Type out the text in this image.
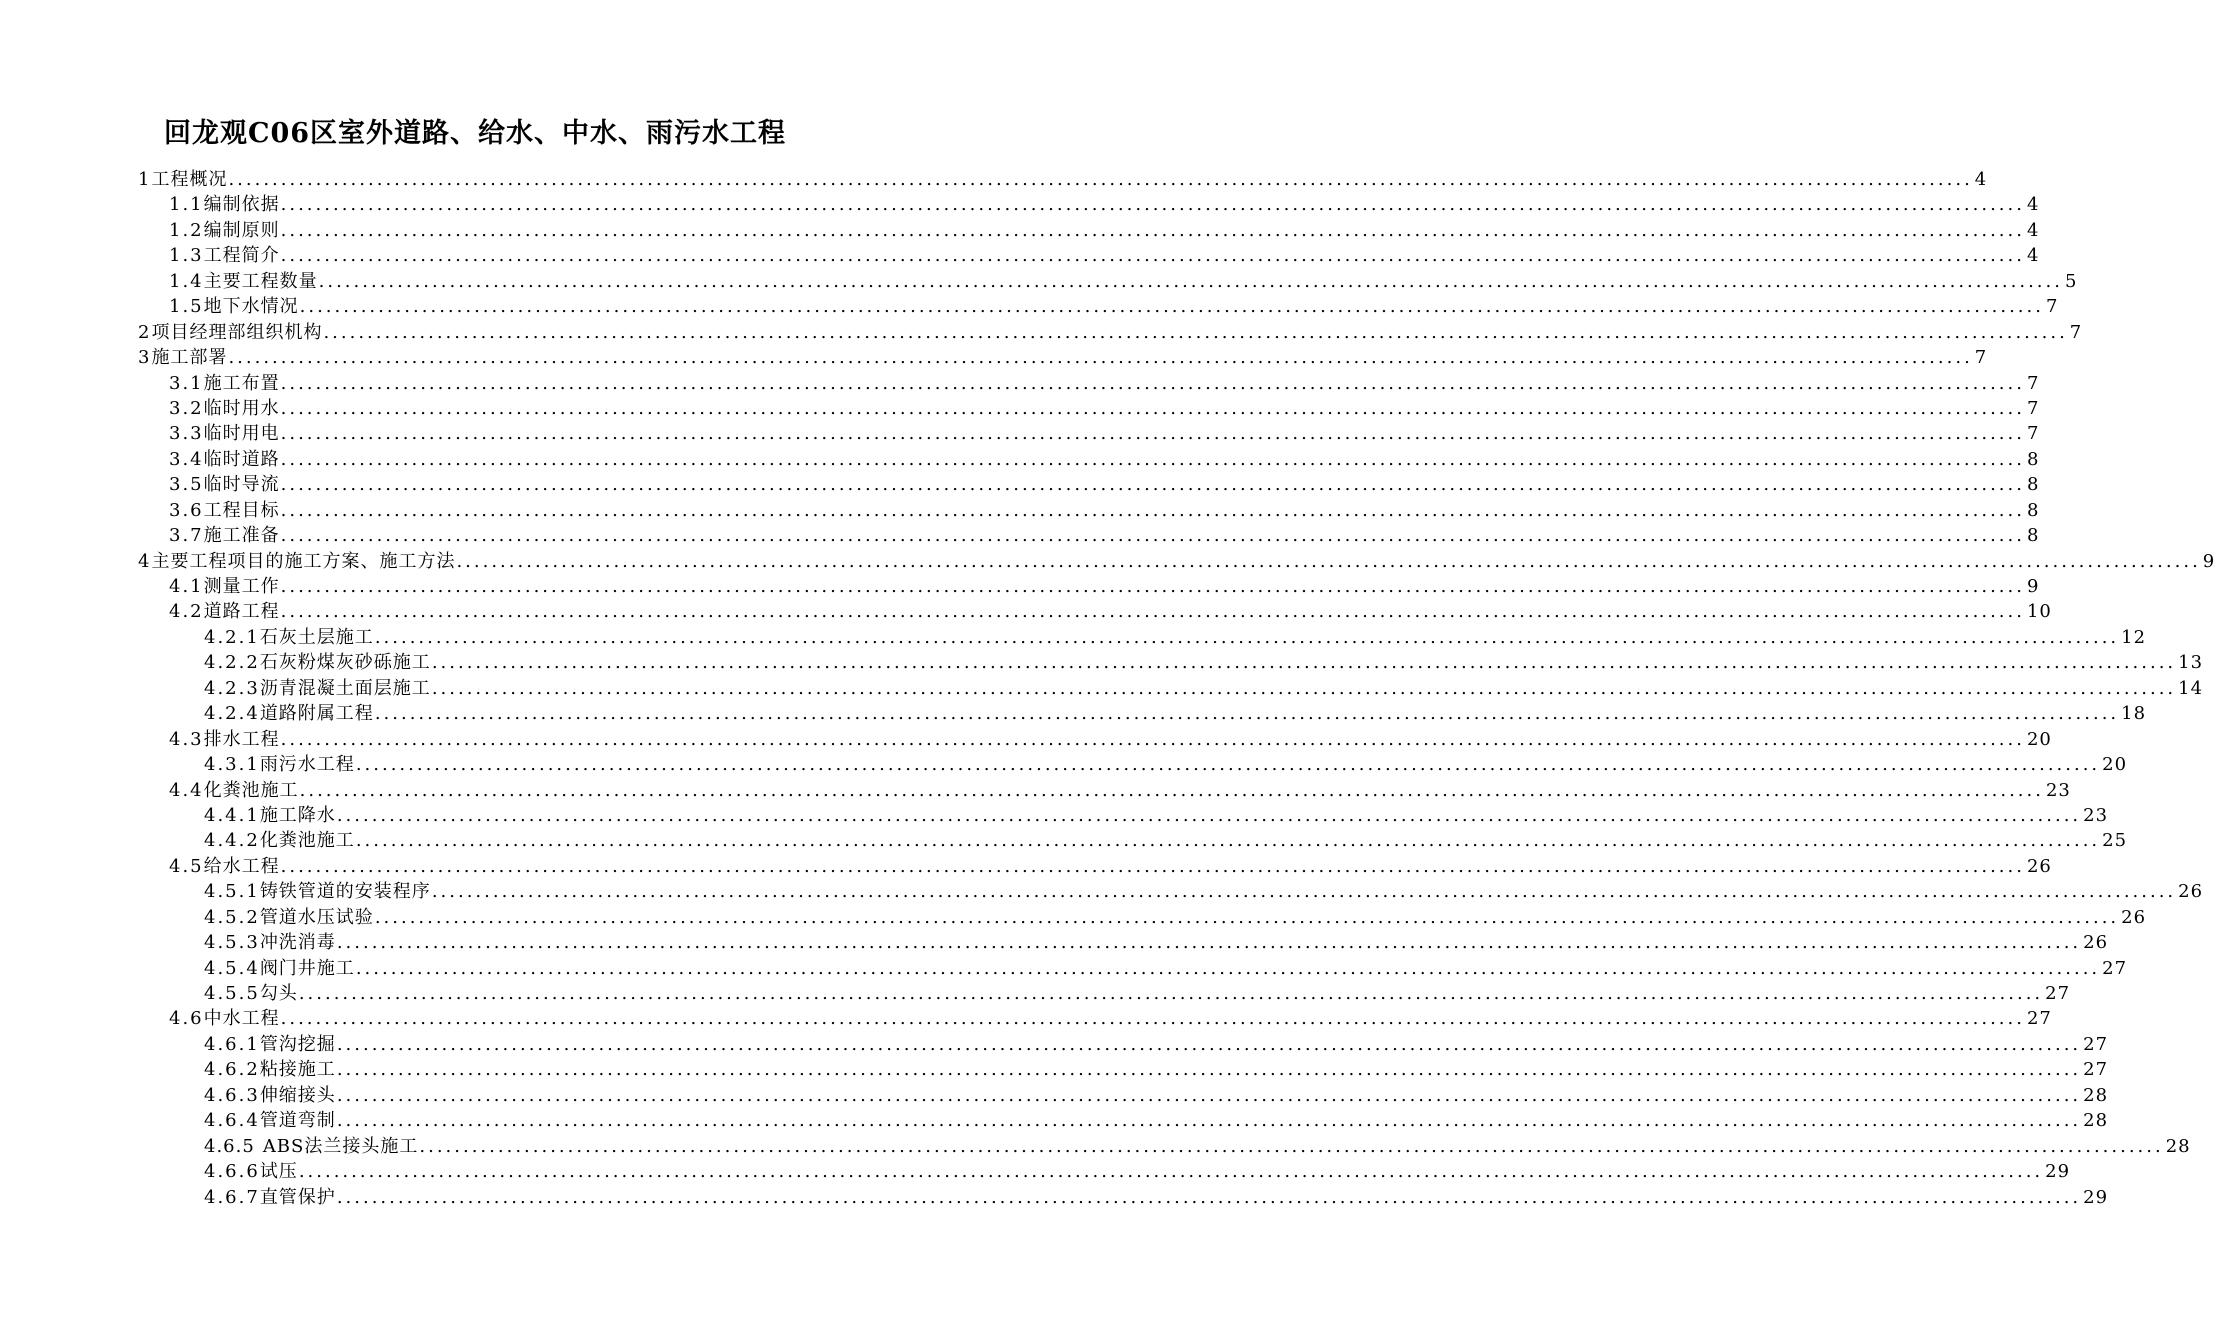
回龙观C06区室外道路、给水、中水、雨污水工程
1 工程概况 ........................................................................................................................................................................................................ 4
1.1 编制依据 ........................................................................................................................................................................................................ 4
1.2 编制原则 ........................................................................................................................................................................................................ 4
1.3 工程简介 ........................................................................................................................................................................................................ 4
1.4 主要工程数量 ........................................................................................................................................................................................................ 5
1.5 地下水情况 ........................................................................................................................................................................................................ 7
2 项目经理部组织机构 ........................................................................................................................................................................................................ 7
3 施工部署 ........................................................................................................................................................................................................ 7
3.1 施工布置 ........................................................................................................................................................................................................ 7
3.2 临时用水 ........................................................................................................................................................................................................ 7
3.3 临时用电 ........................................................................................................................................................................................................ 7
3.4 临时道路 ........................................................................................................................................................................................................ 8
3.5 临时导流 ........................................................................................................................................................................................................ 8
3.6 工程目标 ........................................................................................................................................................................................................ 8
3.7 施工准备 ........................................................................................................................................................................................................ 8
4 主要工程项目的施工方案、施工方法 ........................................................................................................................................................................................................ 9
4.1 测量工作 ........................................................................................................................................................................................................ 9
4.2 道路工程 ........................................................................................................................................................................................................ 10
4.2.1 石灰土层施工 ........................................................................................................................................................................................................ 12
4.2.2 石灰粉煤灰砂砾施工 ........................................................................................................................................................................................................ 13
4.2.3 沥青混凝土面层施工 ........................................................................................................................................................................................................ 14
4.2.4 道路附属工程 ........................................................................................................................................................................................................ 18
4.3 排水工程 ........................................................................................................................................................................................................ 20
4.3.1 雨污水工程 ........................................................................................................................................................................................................ 20
4.4 化粪池施工 ........................................................................................................................................................................................................ 23
4.4.1 施工降水 ........................................................................................................................................................................................................ 23
4.4.2 化粪池施工 ........................................................................................................................................................................................................ 25
4.5 给水工程 ........................................................................................................................................................................................................ 26
4.5.1 铸铁管道的安装程序 ........................................................................................................................................................................................................ 26
4.5.2 管道水压试验 ........................................................................................................................................................................................................ 26
4.5.3 冲洗消毒 ........................................................................................................................................................................................................ 26
4.5.4 阀门井施工 ........................................................................................................................................................................................................ 27
4.5.5 勾头 ........................................................................................................................................................................................................ 27
4.6 中水工程 ........................................................................................................................................................................................................ 27
4.6.1 管沟挖掘 ........................................................................................................................................................................................................ 27
4.6.2 粘接施工 ........................................................................................................................................................................................................ 27
4.6.3 伸缩接头 ........................................................................................................................................................................................................ 28
4.6.4 管道弯制 ........................................................................................................................................................................................................ 28
4.6.5 ABS法兰接头施工 ........................................................................................................................................................................................................ 28
4.6.6 试压 ........................................................................................................................................................................................................ 29
4.6.7 直管保护 ........................................................................................................................................................................................................ 29
